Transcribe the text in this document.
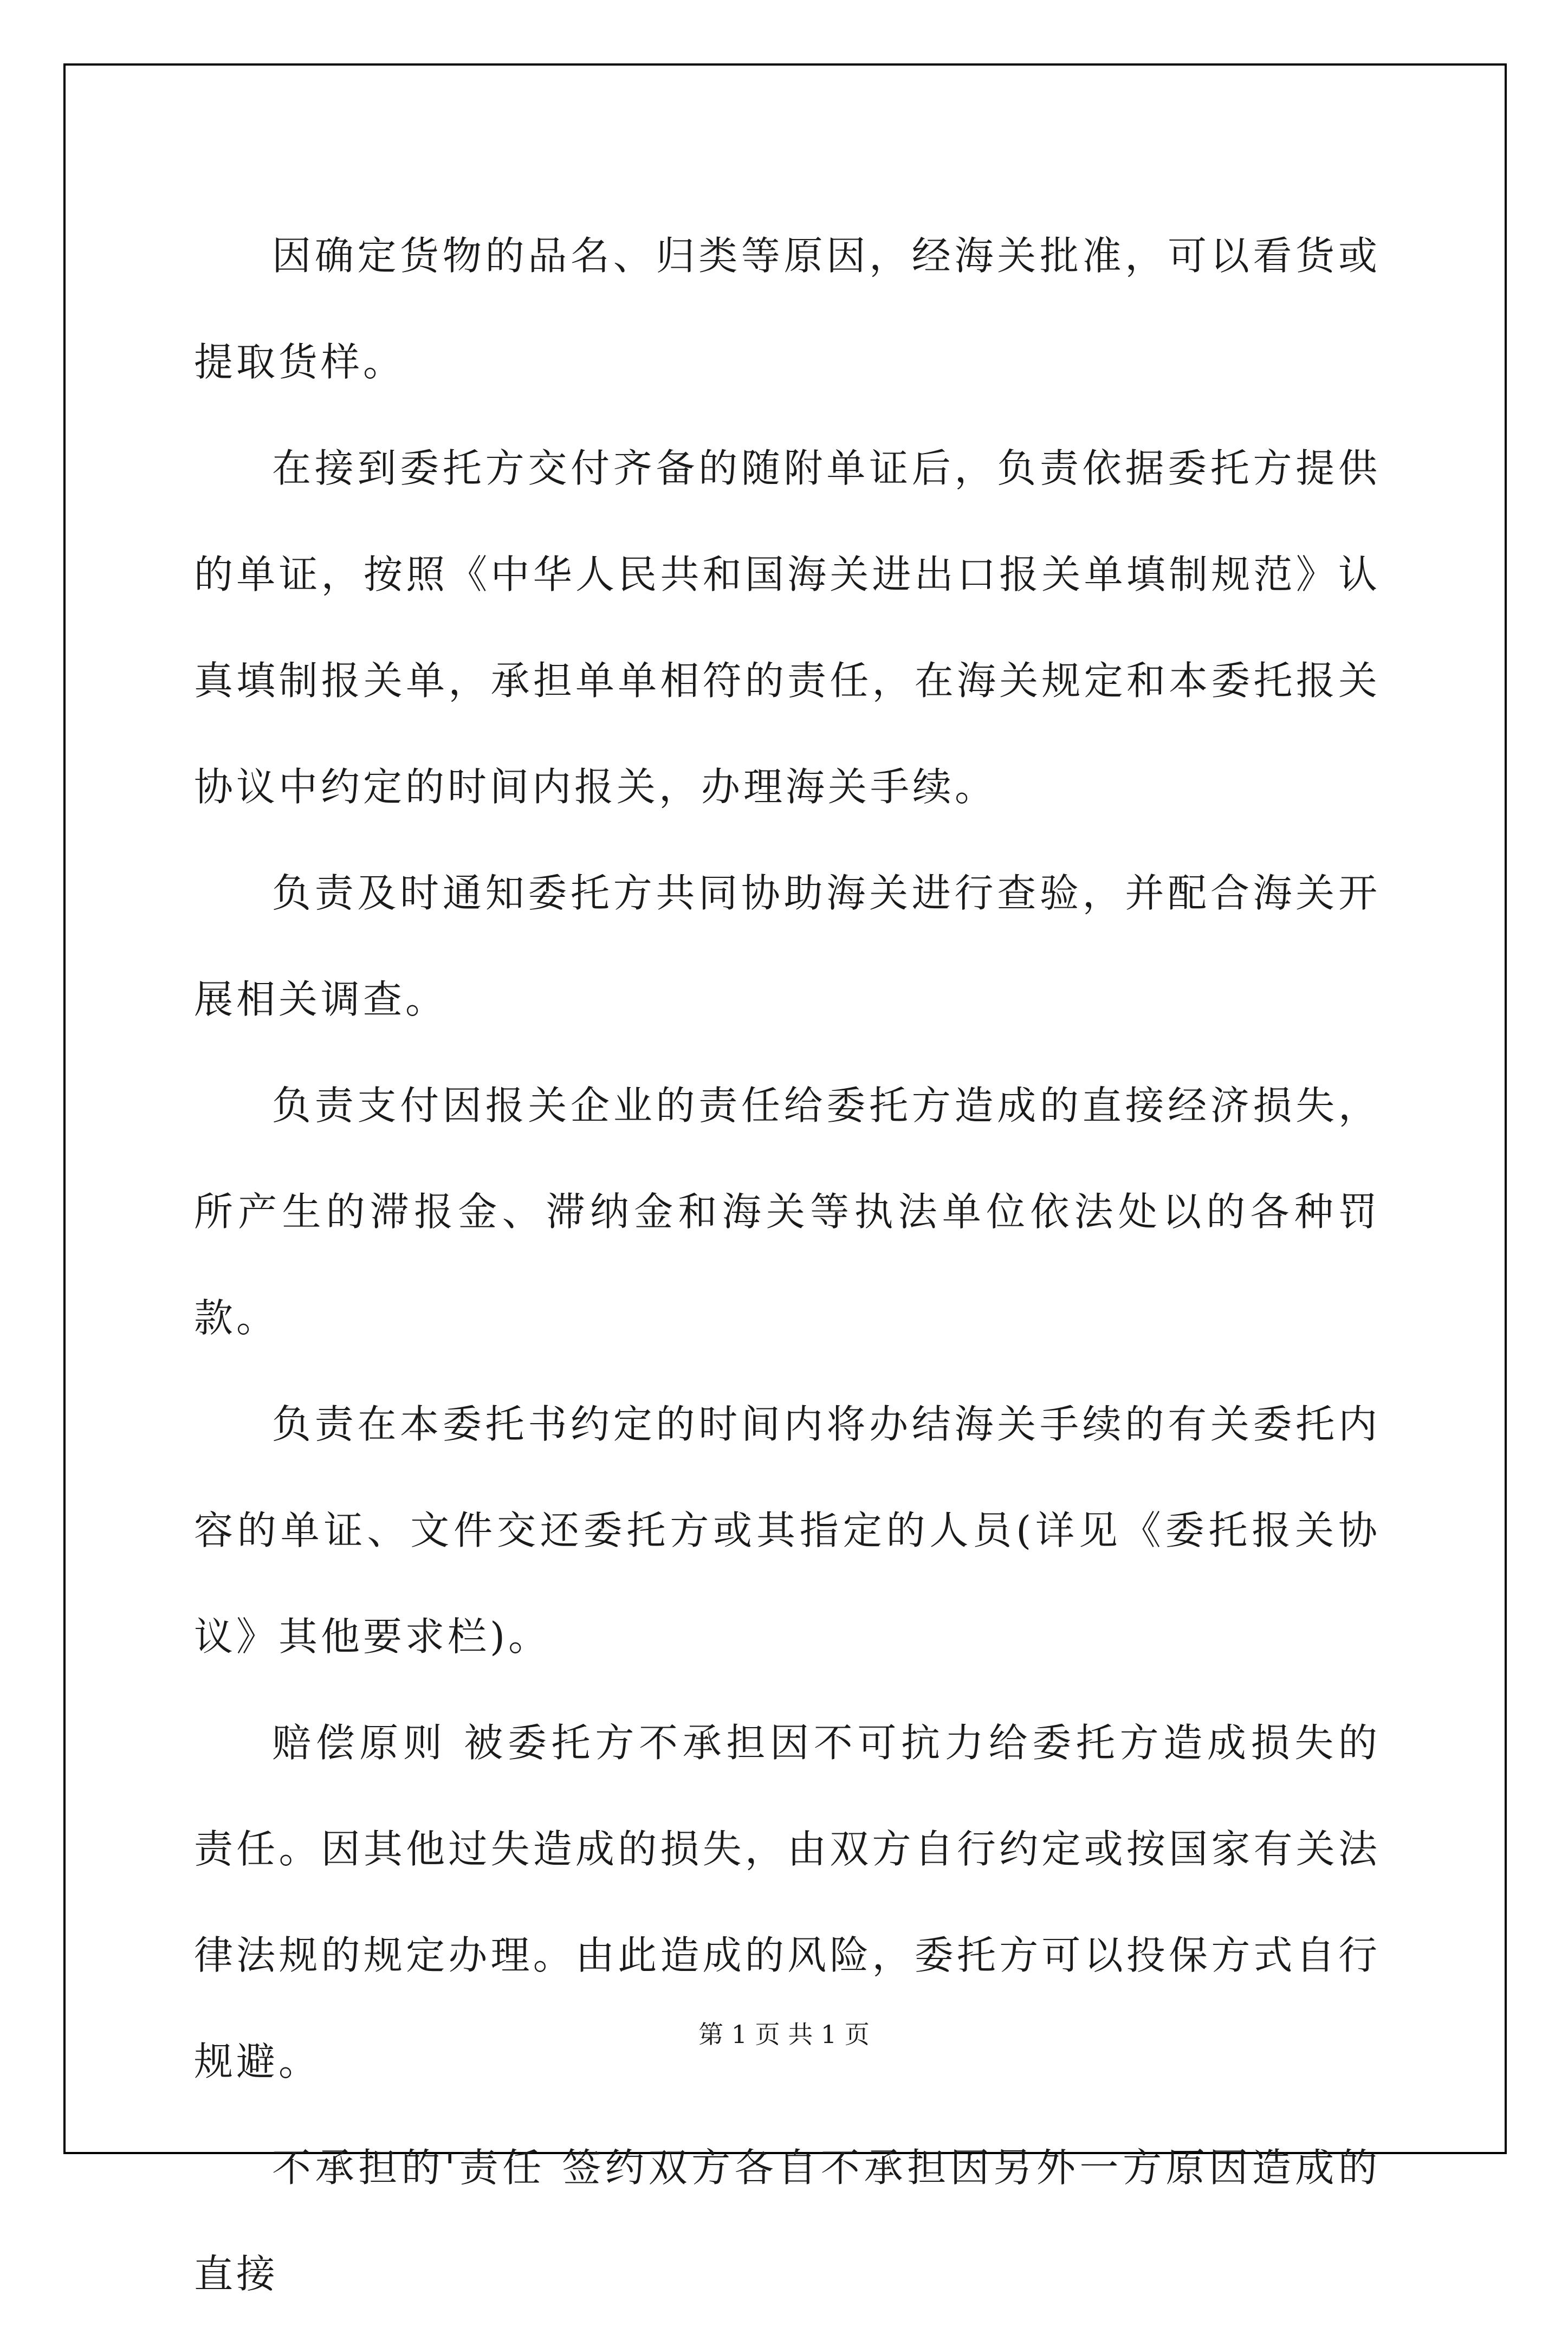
因确定货物的品名、归类等原因，经海关批准，可以看货或提取货样。

在接到委托方交付齐备的随附单证后，负责依据委托方提供的单证，按照《中华人民共和国海关进出口报关单填制规范》认真填制报关单，承担单单相符的责任，在海关规定和本委托报关协议中约定的时间内报关，办理海关手续。

负责及时通知委托方共同协助海关进行查验，并配合海关开展相关调查。

负责支付因报关企业的责任给委托方造成的直接经济损失，所产生的滞报金、滞纳金和海关等执法单位依法处以的各种罚款。

负责在本委托书约定的时间内将办结海关手续的有关委托内容的单证、文件交还委托方或其指定的人员(详见《委托报关协议》其他要求栏)。

赔偿原则 被委托方不承担因不可抗力给委托方造成损失的责任。因其他过失造成的损失，由双方自行约定或按国家有关法律法规的规定办理。由此造成的风险，委托方可以投保方式自行规避。

不承担的'责任 签约双方各自不承担因另外一方原因造成的直接

第 1 页 共 1 页
